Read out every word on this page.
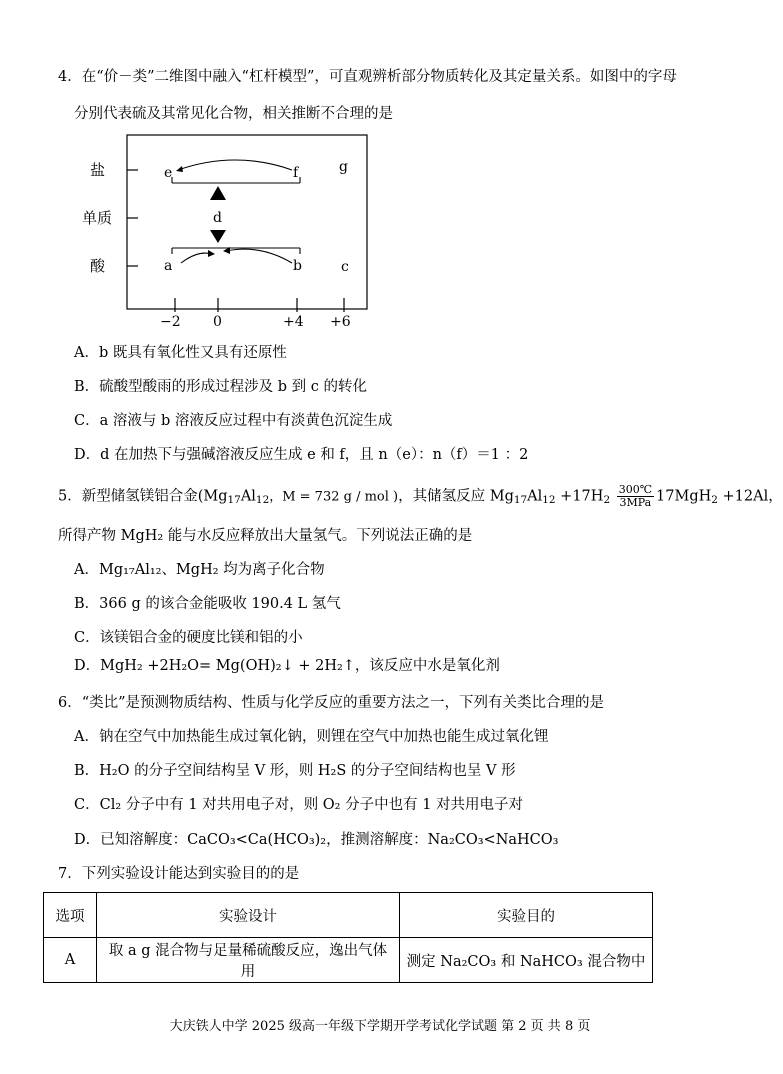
4．在“价－类”二维图中融入“杠杆模型”，可直观辨析部分物质转化及其定量关系。如图中的字母
分别代表硫及其常见化合物，相关推断不合理的是
盐
单质
酸
−2 0	+4 +6
e	f	g
d
a	b	c
A．b 既具有氧化性又具有还原性
B．硫酸型酸雨的形成过程涉及 b 到 c 的转化
C．a 溶液与 b 溶液反应过程中有淡黄色沉淀生成
D．d 在加热下与强碱溶液反应生成 e 和 f，且 n（e）：n（f）＝1 ：2
5．新型储氢镁铝合金($Mg_{17}Al_{12}$，M = 732 g / mol )，其储氢反应 $Mg_{17}Al_{12} +17H_2 \frac{300℃}{\text{3MPa}} 17MgH_2 +12Al$，
所得产物 MgH₂ 能与水反应释放出大量氢气。下列说法正确的是
A．Mg₁₇Al₁₂、MgH₂ 均为离子化合物
B．366 g 的该合金能吸收 190.4 L 氢气
C．该镁铝合金的硬度比镁和铝的小
D．MgH₂ +2H₂O= Mg(OH)₂↓ + 2H₂↑，该反应中水是氧化剂
6．“类比”是预测物质结构、性质与化学反应的重要方法之一，下列有关类比合理的是
A．钠在空气中加热能生成过氧化钠，则锂在空气中加热也能生成过氧化锂
B．H₂O 的分子空间结构呈 V 形，则 H₂S 的分子空间结构也呈 V 形
C．Cl₂ 分子中有 1 对共用电子对，则 O₂ 分子中也有 1 对共用电子对
D．已知溶解度：CaCO₃<Ca(HCO₃)₂，推测溶解度：Na₂CO₃<NaHCO₃
7．下列实验设计能达到实验目的的是
选项	实验设计	实验目的
A	取 a g 混合物与足量稀硫酸反应，逸出气体用	测定 Na₂CO₃ 和 NaHCO₃ 混合物中
大庆铁人中学 2025 级高一年级下学期开学考试化学试题 第 2 页 共 8 页
